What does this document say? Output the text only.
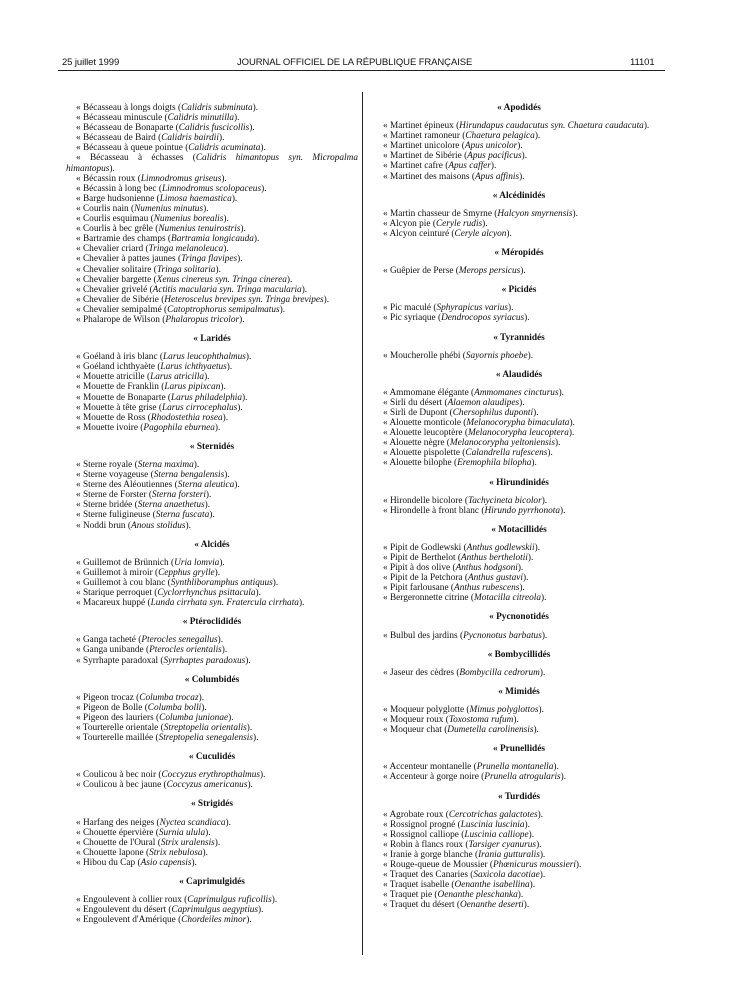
25 juillet 1999	JOURNAL OFFICIEL DE LA RÉPUBLIQUE FRANÇAISE	11101
« Bécasseau à longs doigts (Calidris subminuta).
« Bécasseau minuscule (Calidris minutilla).
« Bécasseau de Bonaparte (Calidris fuscicollis).
« Bécasseau de Baird (Calidris bairdii).
« Bécasseau à queue pointue (Calidris acuminata).
« Bécasseau à échasses (Calidris himantopus syn. Micropalma himantopus).
« Bécassin roux (Limnodromus griseus).
« Bécassin à long bec (Limnodromus scolopaceus).
« Barge hudsonienne (Limosa haemastica).
« Courlis nain (Numenius minutus).
« Courlis esquimau (Numenius borealis).
« Courlis à bec grêle (Numenius tenuirostris).
« Bartramie des champs (Bartramia longicauda).
« Chevalier criard (Tringa melanoleuca).
« Chevalier à pattes jaunes (Tringa flavipes).
« Chevalier solitaire (Tringa solitaria).
« Chevalier bargette (Xenus cinereus syn. Tringa cinerea).
« Chevalier grivelé (Actitis macularia syn. Tringa macularia).
« Chevalier de Sibérie (Heteroscelus brevipes syn. Tringa brevipes).
« Chevalier semipalmé (Catoptrophorus semipalmatus).
« Phalarope de Wilson (Phalaropus tricolor).
« Laridés
« Goéland à iris blanc (Larus leucophthalmus).
« Goéland ichthyaète (Larus ichthyaetus).
« Mouette atricille (Larus atricilla).
« Mouette de Franklin (Larus pipixcan).
« Mouette de Bonaparte (Larus philadelphia).
« Mouette à tête grise (Larus cirrocephalus).
« Mouette de Ross (Rhodostethia rosea).
« Mouette ivoire (Pagophila eburnea).
« Sternidés
« Sterne royale (Sterna maxima).
« Sterne voyageuse (Sterna bengalensis).
« Sterne des Aléoutiennes (Sterna aleutica).
« Sterne de Forster (Sterna forsteri).
« Sterne bridée (Sterna anaethetus).
« Sterne fuligineuse (Sterna fuscata).
« Noddi brun (Anous stolidus).
« Alcidés
« Guillemot de Brünnich (Uria lomvia).
« Guillemot à miroir (Cepphus grylle).
« Guillemot à cou blanc (Synthliboramphus antiquus).
« Starique perroquet (Cyclorrhynchus psittacula).
« Macareux huppé (Lunda cirrhata syn. Fratercula cirrhata).
« Ptéroclididés
« Ganga tacheté (Pterocles senegallus).
« Ganga unibande (Pterocles orientalis).
« Syrrhapte paradoxal (Syrrhaptes paradoxus).
« Columbidés
« Pigeon trocaz (Columba trocaz).
« Pigeon de Bolle (Columba bolli).
« Pigeon des lauriers (Columba junionae).
« Tourterelle orientale (Streptopelia orientalis).
« Tourterelle maillée (Streptopelia senegalensis).
« Cuculidés
« Coulicou à bec noir (Coccyzus erythropthalmus).
« Coulicou à bec jaune (Coccyzus americanus).
« Strigidés
« Harfang des neiges (Nyctea scandiaca).
« Chouette épervière (Surnia ulula).
« Chouette de l'Oural (Strix uralensis).
« Chouette lapone (Strix nebulosa).
« Hibou du Cap (Asio capensis).
« Caprimulgidés
« Engoulevent à collier roux (Caprimulgus ruficollis).
« Engoulevent du désert (Caprimulgus aegyptius).
« Engoulevent d'Amérique (Chordeiles minor).
« Apodidés
« Martinet épineux (Hirundapus caudacutus syn. Chaetura caudacuta).
« Martinet ramoneur (Chaetura pelagica).
« Martinet unicolore (Apus unicolor).
« Martinet de Sibérie (Apus pacificus).
« Martinet cafre (Apus caffer).
« Martinet des maisons (Apus affinis).
« Alcédinidés
« Martin chasseur de Smyrne (Halcyon smyrnensis).
« Alcyon pie (Ceryle rudis).
« Alcyon ceinturé (Ceryle alcyon).
« Méropidés
« Guêpier de Perse (Merops persicus).
« Picidés
« Pic maculé (Sphyrapicus varius).
« Pic syriaque (Dendrocopos syriacus).
« Tyrannidés
« Moucherolle phébi (Sayornis phoebe).
« Alaudidés
« Ammomane élégante (Ammomanes cincturus).
« Sirli du désert (Alaemon alaudipes).
« Sirli de Dupont (Chersophilus duponti).
« Alouette monticole (Melanocorypha bimaculata).
« Alouette leucoptère (Melanocorypha leucoptera).
« Alouette nègre (Melanocorypha yeltoniensis).
« Alouette pispolette (Calandrella rufescens).
« Alouette bilophe (Eremophila bilopha).
« Hirundinidés
« Hirondelle bicolore (Tachycineta bicolor).
« Hirondelle à front blanc (Hirundo pyrrhonota).
« Motacillidés
« Pipit de Godlewski (Anthus godlewskii).
« Pipit de Berthelot (Anthus berthelotii).
« Pipit à dos olive (Anthus hodgsoni).
« Pipit de la Petchora (Anthus gustavi).
« Pipit farlousane (Anthus rubescens).
« Bergeronnette citrine (Motacilla citreola).
« Pycnonotidés
« Bulbul des jardins (Pycnonotus barbatus).
« Bombycillidés
« Jaseur des cèdres (Bombycilla cedrorum).
« Mimidés
« Moqueur polyglotte (Mimus polyglottos).
« Moqueur roux (Toxostoma rufum).
« Moqueur chat (Dumetella carolinensis).
« Prunellidés
« Accenteur montanelle (Prunella montanella).
« Accenteur à gorge noire (Prunella atrogularis).
« Turdidés
« Agrobate roux (Cercotrichas galactotes).
« Rossignol progné (Luscinia luscinia).
« Rossignol calliope (Luscinia calliope).
« Robin à flancs roux (Tarsiger cyanurus).
« Iranie à gorge blanche (Irania gutturalis).
« Rouge-queue de Moussier (Phœnicurus moussieri).
« Traquet des Canaries (Saxicola dacotiae).
« Traquet isabelle (Oenanthe isabellina).
« Traquet pie (Oenanthe pleschanka).
« Traquet du désert (Oenanthe deserti).
